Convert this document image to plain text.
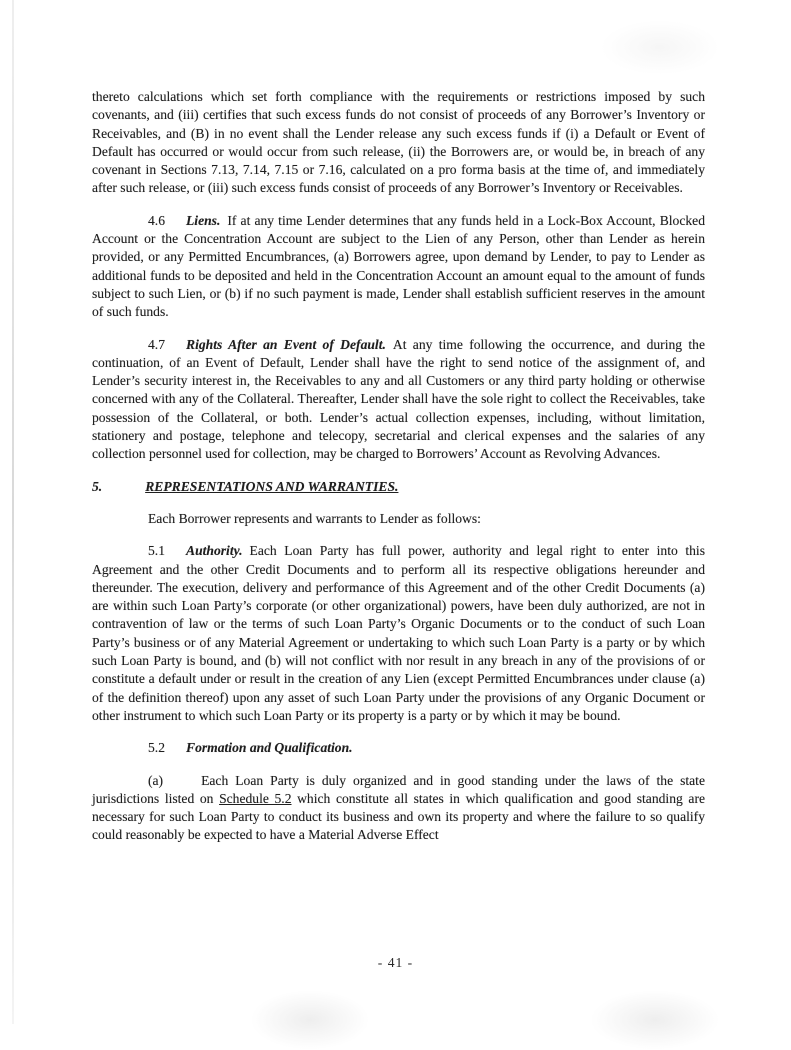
thereto calculations which set forth compliance with the requirements or restrictions imposed by such covenants, and (iii) certifies that such excess funds do not consist of proceeds of any Borrower’s Inventory or Receivables, and (B) in no event shall the Lender release any such excess funds if (i) a Default or Event of Default has occurred or would occur from such release, (ii) the Borrowers are, or would be, in breach of any covenant in Sections 7.13, 7.14, 7.15 or 7.16, calculated on a pro forma basis at the time of, and immediately after such release, or (iii) such excess funds consist of proceeds of any Borrower’s Inventory or Receivables.

4.6 Liens. If at any time Lender determines that any funds held in a Lock-Box Account, Blocked Account or the Concentration Account are subject to the Lien of any Person, other than Lender as herein provided, or any Permitted Encumbrances, (a) Borrowers agree, upon demand by Lender, to pay to Lender as additional funds to be deposited and held in the Concentration Account an amount equal to the amount of funds subject to such Lien, or (b) if no such payment is made, Lender shall establish sufficient reserves in the amount of such funds.

4.7 Rights After an Event of Default. At any time following the occurrence, and during the continuation, of an Event of Default, Lender shall have the right to send notice of the assignment of, and Lender’s security interest in, the Receivables to any and all Customers or any third party holding or otherwise concerned with any of the Collateral. Thereafter, Lender shall have the sole right to collect the Receivables, take possession of the Collateral, or both. Lender’s actual collection expenses, including, without limitation, stationery and postage, telephone and telecopy, secretarial and clerical expenses and the salaries of any collection personnel used for collection, may be charged to Borrowers’ Account as Revolving Advances.

5.	REPRESENTATIONS AND WARRANTIES.

Each Borrower represents and warrants to Lender as follows:

5.1 Authority. Each Loan Party has full power, authority and legal right to enter into this Agreement and the other Credit Documents and to perform all its respective obligations hereunder and thereunder. The execution, delivery and performance of this Agreement and of the other Credit Documents (a) are within such Loan Party’s corporate (or other organizational) powers, have been duly authorized, are not in contravention of law or the terms of such Loan Party’s Organic Documents or to the conduct of such Loan Party’s business or of any Material Agreement or undertaking to which such Loan Party is a party or by which such Loan Party is bound, and (b) will not conflict with nor result in any breach in any of the provisions of or constitute a default under or result in the creation of any Lien (except Permitted Encumbrances under clause (a) of the definition thereof) upon any asset of such Loan Party under the provisions of any Organic Document or other instrument to which such Loan Party or its property is a party or by which it may be bound.

5.2 Formation and Qualification.

(a)	Each Loan Party is duly organized and in good standing under the laws of the state jurisdictions listed on Schedule 5.2 which constitute all states in which qualification and good standing are necessary for such Loan Party to conduct its business and own its property and where the failure to so qualify could reasonably be expected to have a Material Adverse Effect

- 41 -
